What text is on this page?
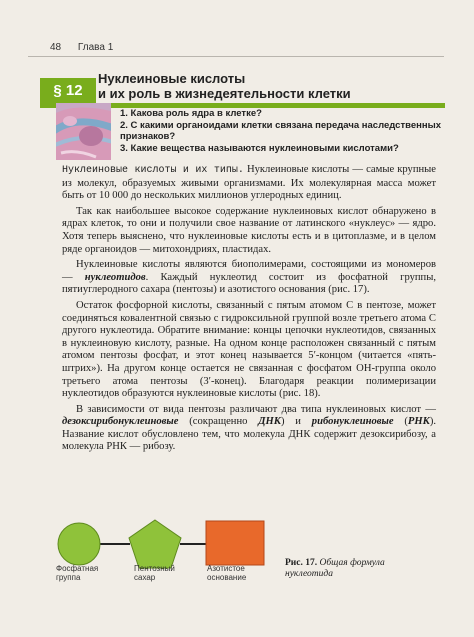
48 Глава 1
§ 12
Нуклеиновые кислоты
и их роль в жизнедеятельности клетки
1. Какова роль ядра в клетке?
2. С какими органоидами клетки связана передача наследственных признаков?
3. Какие вещества называются нуклеиновыми кислотами?

Нуклеиновые кислоты и их типы. Нуклеиновые кислоты — самые крупные из молекул, образуемых живыми организмами. Их молекулярная масса может быть от 10 000 до нескольких миллионов углеродных единиц.

Так как наибольшее высокое содержание нуклеиновых кислот обнаружено в ядрах клеток, то они и получили свое название от латинского «нуклеус» — ядро. Хотя теперь выяснено, что нуклеиновые кислоты есть и в цитоплазме, и в целом ряде органоидов — митохондриях, пластидах.

Нуклеиновые кислоты являются биополимерами, состоящими из мономеров — нуклеотидов. Каждый нуклеотид состоит из фосфатной группы, пятиуглеродного сахара (пентозы) и азотистого основания (рис. 17).

Остаток фосфорной кислоты, связанный с пятым атомом С в пентозе, может соединяться ковалентной связью с гидроксильной группой возле третьего атома С другого нуклеотида. Обратите внимание: концы цепочки нуклеотидов, связанных в нуклеиновую кислоту, разные. На одном конце расположен связанный с пятым атомом пентозы фосфат, и этот конец называется 5′-концом (читается «пять-штрих»). На другом конце остается не связанная с фосфатом ОН-группа около третьего атома пентозы (3′-конец). Благодаря реакции полимеризации нуклеотидов образуются нуклеиновые кислоты (рис. 18).

В зависимости от вида пентозы различают два типа нуклеиновых кислот — дезоксирибонуклеиновые (сокращенно ДНК) и рибонуклеиновые (РНК). Название кислот обусловлено тем, что молекула ДНК содержит дезоксирибозу, а молекула РНК — рибозу.

Фосфатная
группа
Пентозный
сахар
Азотистое
основание
Рис. 17. Общая формула нуклеотида
